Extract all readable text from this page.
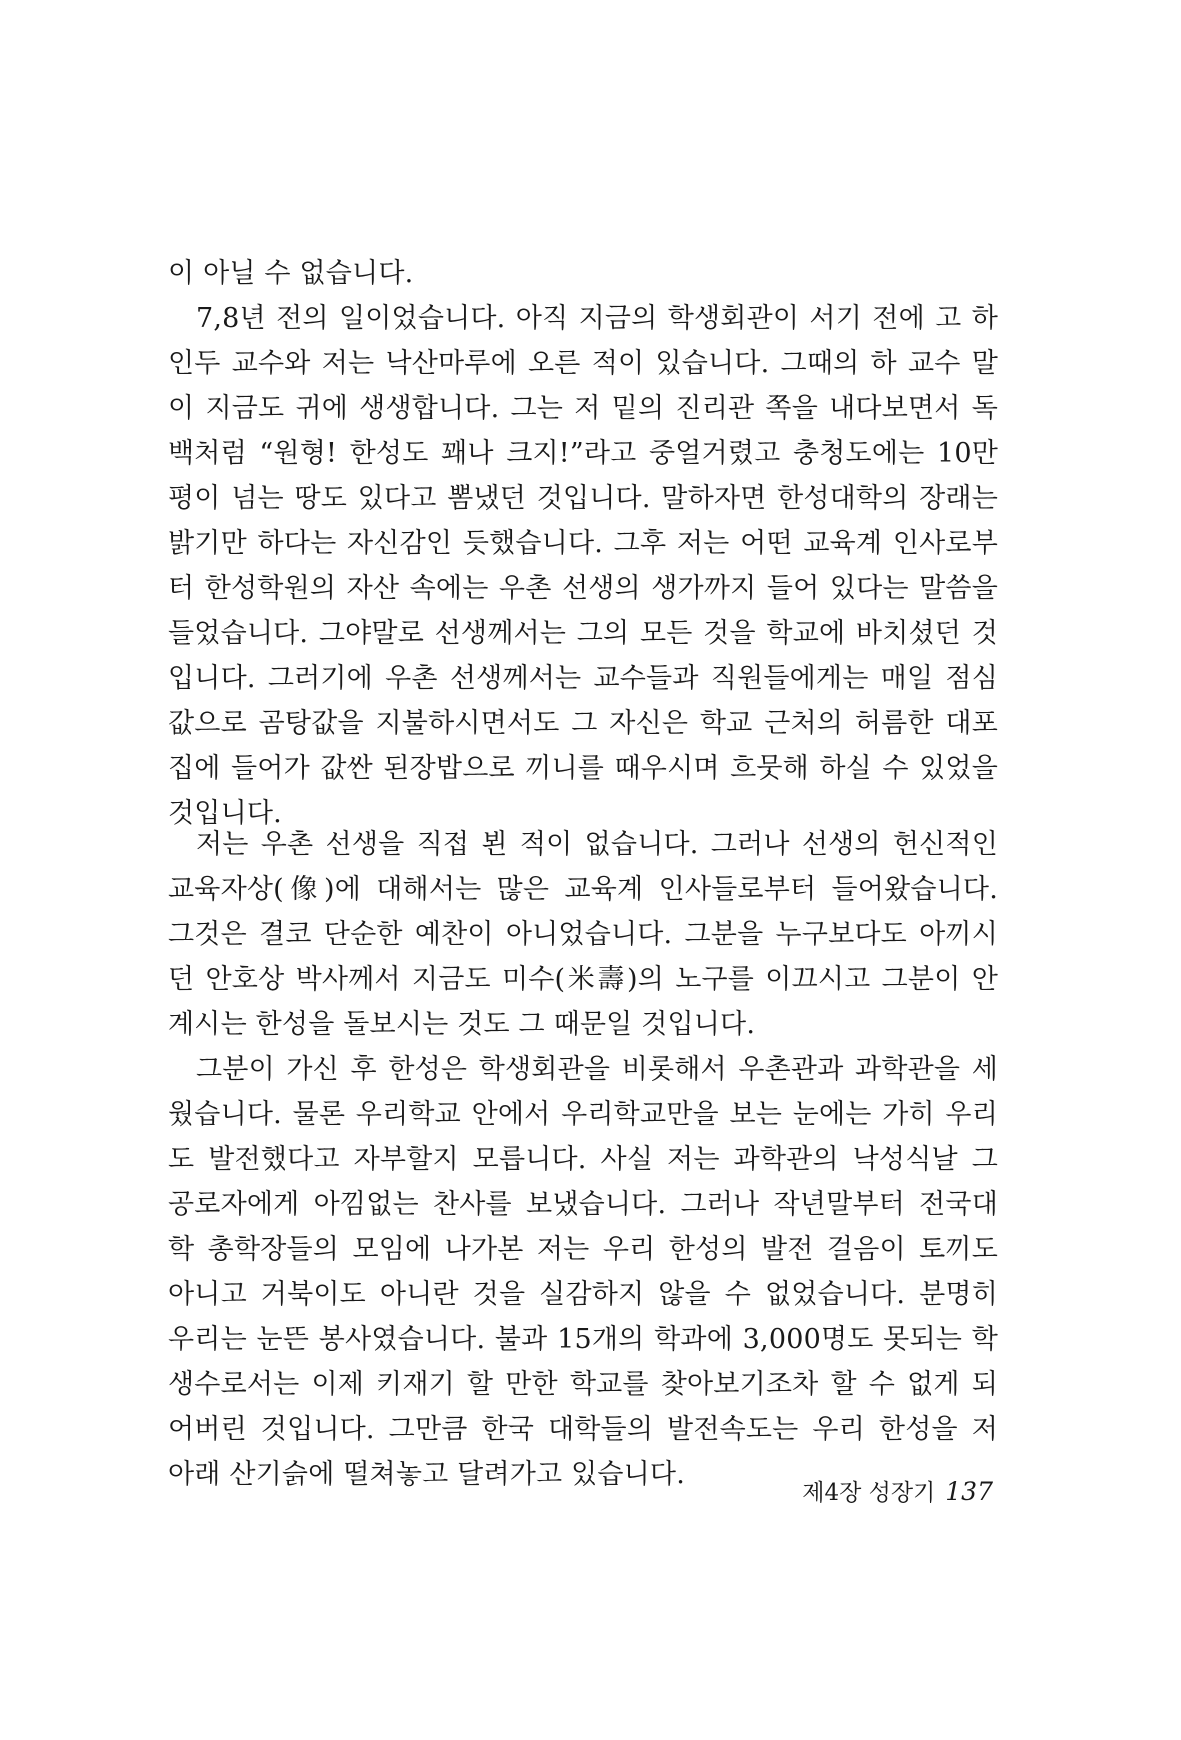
이 아닐 수 없습니다.
7,8년 전의 일이었습니다. 아직 지금의 학생회관이 서기 전에 고 하
인두 교수와 저는 낙산마루에 오른 적이 있습니다. 그때의 하 교수 말
이 지금도 귀에 생생합니다. 그는 저 밑의 진리관 쪽을 내다보면서 독
백처럼 “원형! 한성도 꽤나 크지!”라고 중얼거렸고 충청도에는 10만
평이 넘는 땅도 있다고 뽐냈던 것입니다. 말하자면 한성대학의 장래는
밝기만 하다는 자신감인 듯했습니다. 그후 저는 어떤 교육계 인사로부
터 한성학원의 자산 속에는 우촌 선생의 생가까지 들어 있다는 말씀을
들었습니다. 그야말로 선생께서는 그의 모든 것을 학교에 바치셨던 것
입니다. 그러기에 우촌 선생께서는 교수들과 직원들에게는 매일 점심
값으로 곰탕값을 지불하시면서도 그 자신은 학교 근처의 허름한 대포
집에 들어가 값싼 된장밥으로 끼니를 때우시며 흐뭇해 하실 수 있었을
것입니다.
저는 우촌 선생을 직접 뵌 적이 없습니다. 그러나 선생의 헌신적인
교육자상(像)에 대해서는 많은 교육계 인사들로부터 들어왔습니다.
그것은 결코 단순한 예찬이 아니었습니다. 그분을 누구보다도 아끼시
던 안호상 박사께서 지금도 미수(米壽)의 노구를 이끄시고 그분이 안
계시는 한성을 돌보시는 것도 그 때문일 것입니다.
그분이 가신 후 한성은 학생회관을 비롯해서 우촌관과 과학관을 세
웠습니다. 물론 우리학교 안에서 우리학교만을 보는 눈에는 가히 우리
도 발전했다고 자부할지 모릅니다. 사실 저는 과학관의 낙성식날 그
공로자에게 아낌없는 찬사를 보냈습니다. 그러나 작년말부터 전국대
학 총학장들의 모임에 나가본 저는 우리 한성의 발전 걸음이 토끼도
아니고 거북이도 아니란 것을 실감하지 않을 수 없었습니다. 분명히
우리는 눈뜬 봉사였습니다. 불과 15개의 학과에 3,000명도 못되는 학
생수로서는 이제 키재기 할 만한 학교를 찾아보기조차 할 수 없게 되
어버린 것입니다. 그만큼 한국 대학들의 발전속도는 우리 한성을 저
아래 산기슭에 떨쳐놓고 달려가고 있습니다.
제4장 성장기 137
